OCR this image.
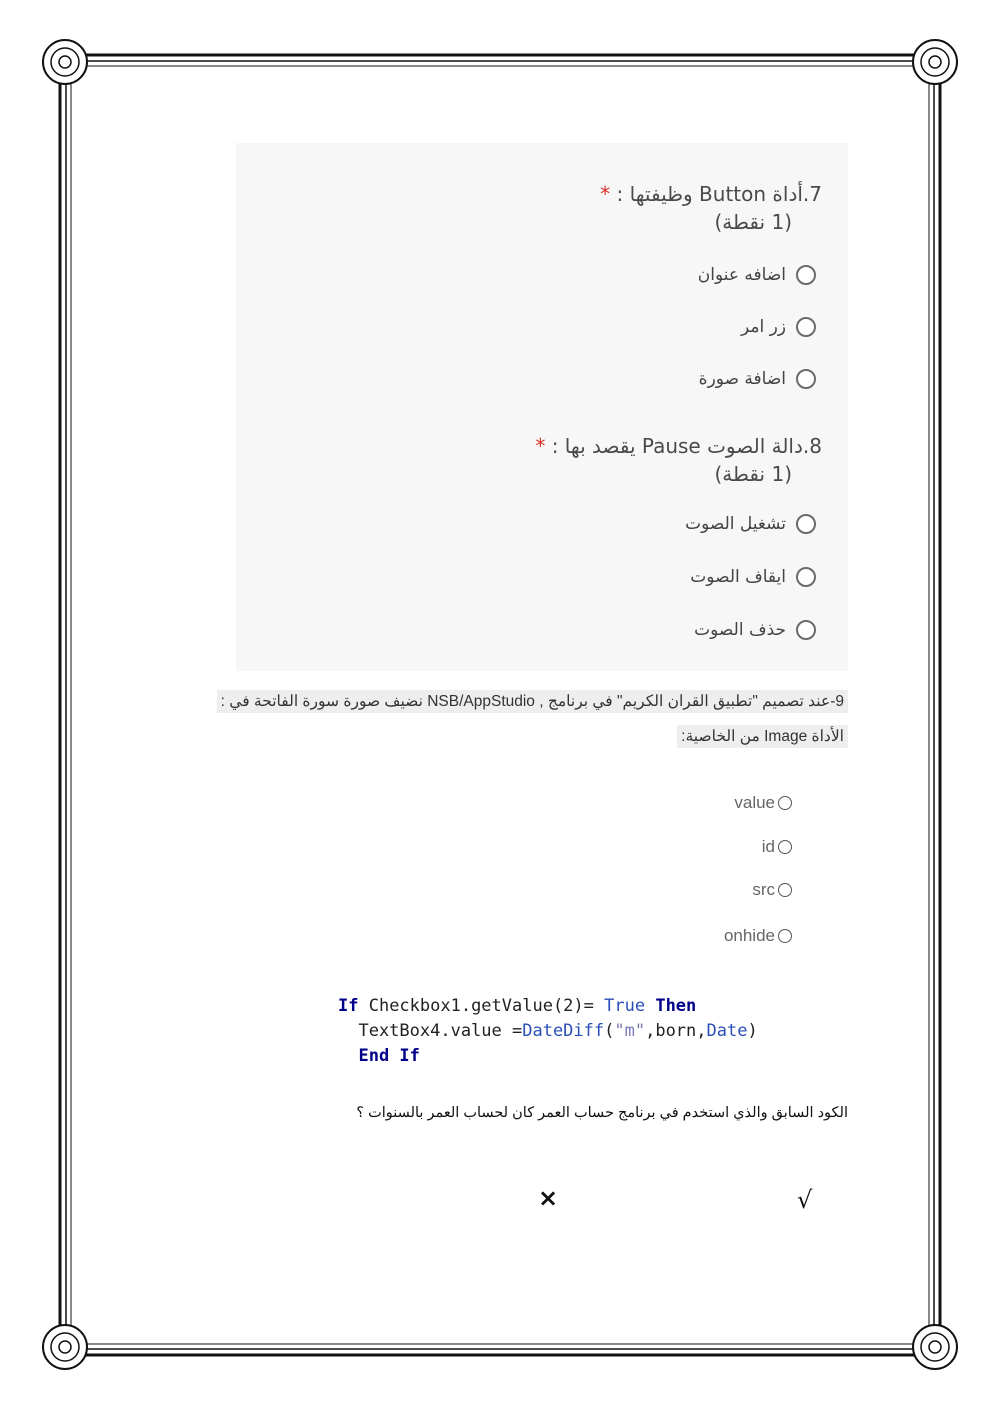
7.أداة Button وظيفتها : *
(1 نقطة)
اضافه عنوان
زر امر
اضافة صورة
8.دالة الصوت Pause يقصد بها : *
(1 نقطة)
تشغيل الصوت
ايقاف الصوت
حذف الصوت
9-عند تصميم "تطبيق القران الكريم" في برنامج , NSB/AppStudio نضيف صورة سورة الفاتحة في :
الأداة Image من الخاصية:
value
id
src
onhide
If Checkbox1.getValue(2)= True Then
TextBox4.value =DateDiff("m",born,Date)
End If
الكود السابق والذي استخدم في برنامج حساب العمر كان لحساب العمر بالسنوات ؟
√
×
